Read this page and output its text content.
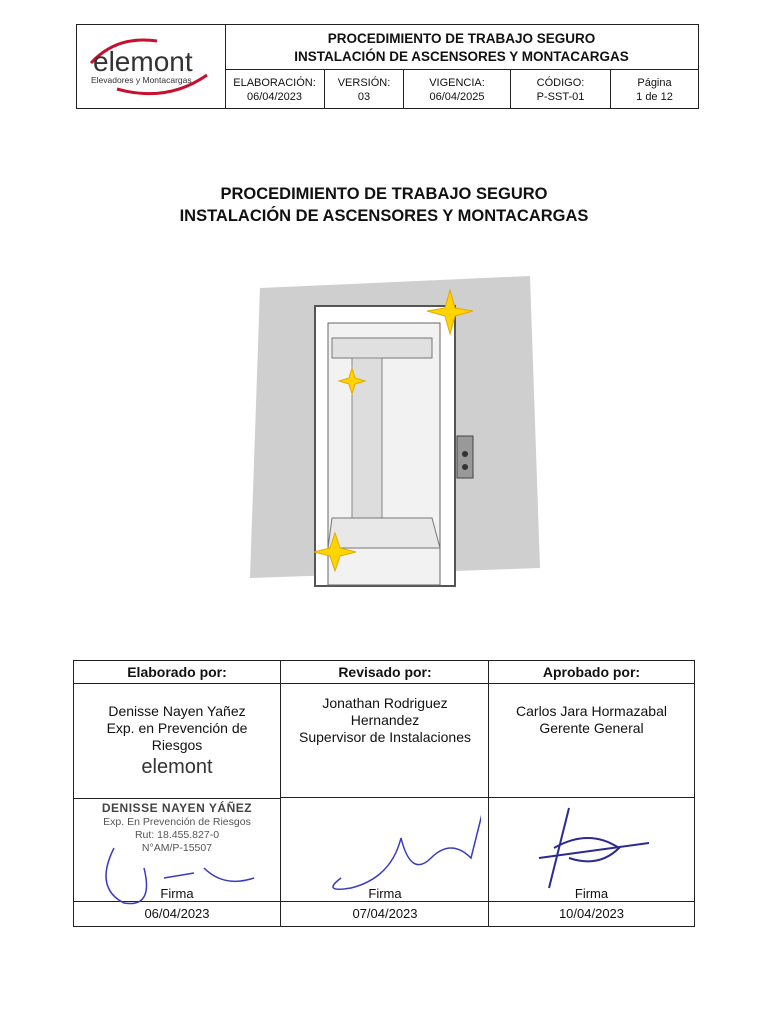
elemont
Elevadores y Montacargas
PROCEDIMIENTO DE TRABAJO SEGURO
INSTALACIÓN DE ASCENSORES Y MONTACARGAS
ELABORACIÓN:
06/04/2023
VERSIÓN:
03
VIGENCIA:
06/04/2025
CÓDIGO:
P-SST-01
Página
1 de 12
PROCEDIMIENTO DE TRABAJO SEGURO
INSTALACIÓN DE ASCENSORES Y MONTACARGAS
Elaborado por:
Denisse Nayen Yañez
Exp. en Prevención de
Riesgos
elemont
DENISSE NAYEN YÁÑEZ
Exp. En Prevención de Riesgos
Rut: 18.455.827-0
N°AM/P-15507
Firma
06/04/2023
Revisado por:
Jonathan Rodriguez
Hernandez
Supervisor de Instalaciones
Firma
07/04/2023
Aprobado por:
Carlos Jara Hormazabal
Gerente General
Firma
10/04/2023
